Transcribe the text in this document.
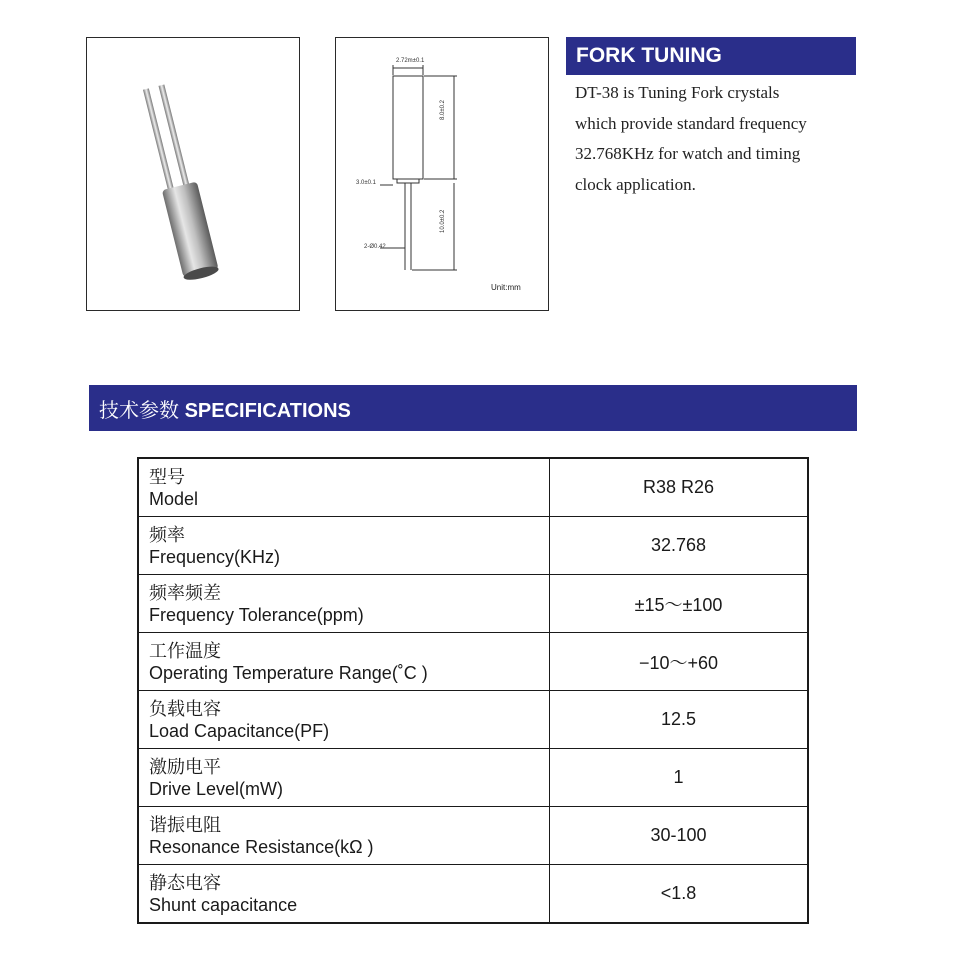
2.72m±0.1
8.0±0.2
3.0±0.1
10.0±0.2
2-Ø0.42
Unit:mm
FORK TUNING

DT-38 is Tuning Fork crystals

which provide standard frequency

32.768KHz for watch and timing

clock application.

技术参数 SPECIFICATIONS
型号
Model	R38 R26

频率
Frequency(KHz)	32.768

频率频差
Frequency Tolerance(ppm)	±15～±100

工作温度
Operating Temperature Range(˚C )	−10～+60

负载电容
Load Capacitance(PF)	12.5

激励电平
Drive Level(mW)	1

谐振电阻
Resonance Resistance(kΩ )	30-100

静态电容
Shunt capacitance	<1.8
